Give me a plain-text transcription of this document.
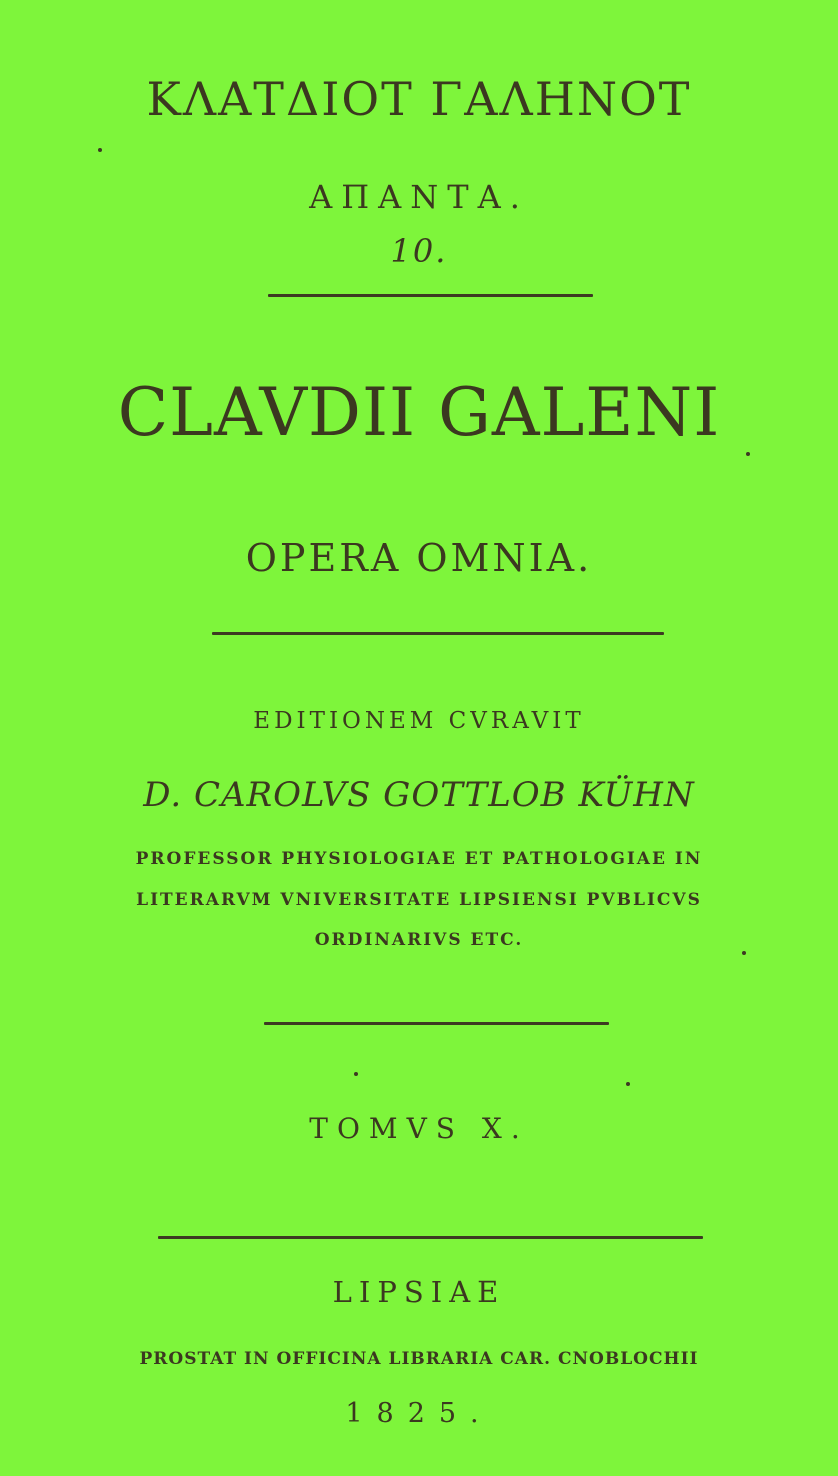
ΚΛΑΤΔΙΟΤ ΓΑΛΗΝΟΤ
ΑΠΑΝΤΑ.
10.
CLAVDII GALENI
OPERA OMNIA.
EDITIONEM CVRAVIT
D. CAROLVS GOTTLOB KÜHN
PROFESSOR PHYSIOLOGIAE ET PATHOLOGIAE IN
LITERARVM VNIVERSITATE LIPSIENSI PVBLICVS
ORDINARIVS ETC.
TOMVS X.
LIPSIAE
PROSTAT IN OFFICINA LIBRARIA CAR. CNOBLOCHII
1825.
